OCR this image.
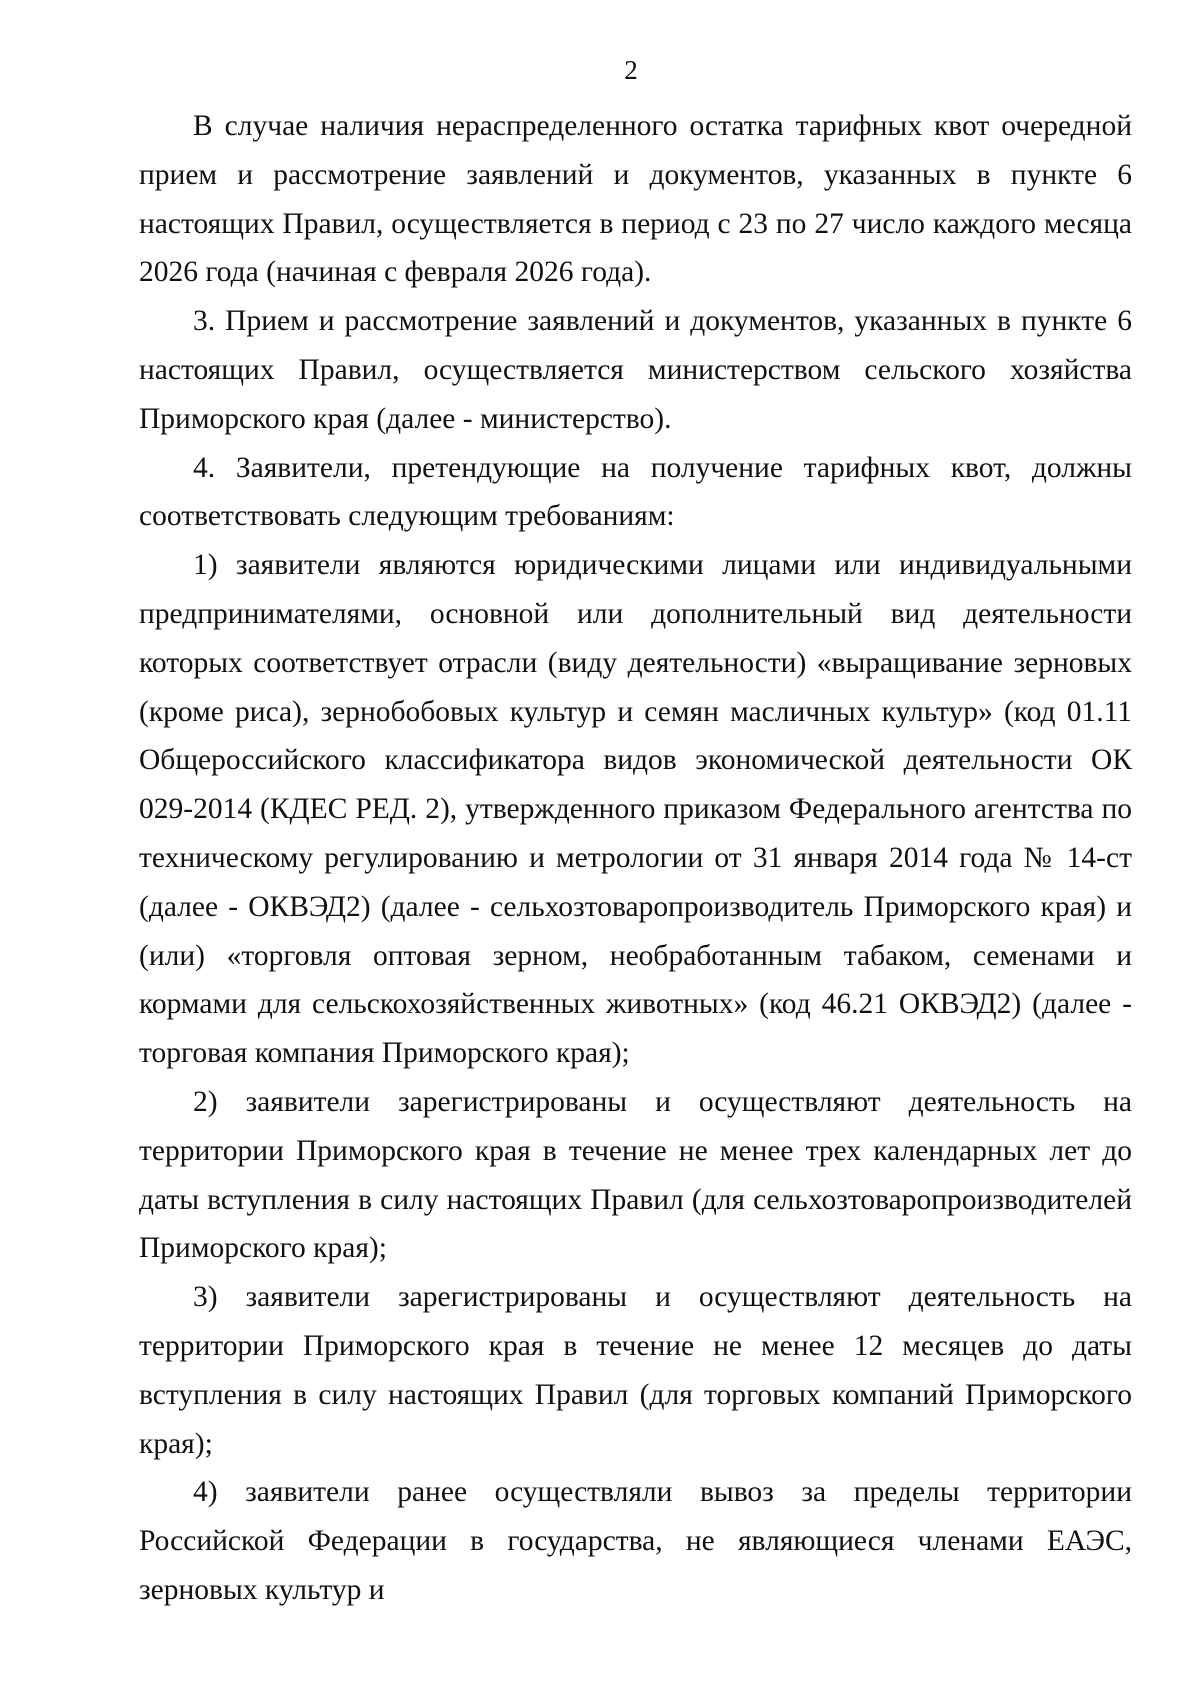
2

В случае наличия нераспределенного остатка тарифных квот очередной прием и рассмотрение заявлений и документов, указанных в пункте 6 настоящих Правил, осуществляется в период с 23 по 27 число каждого месяца 2026 года (начиная с февраля 2026 года).

3. Прием и рассмотрение заявлений и документов, указанных в пункте 6 настоящих Правил, осуществляется министерством сельского хозяйства Приморского края (далее - министерство).

4. Заявители, претендующие на получение тарифных квот, должны соответствовать следующим требованиям:

1) заявители являются юридическими лицами или индивидуальными предпринимателями, основной или дополнительный вид деятельности которых соответствует отрасли (виду деятельности) «выращивание зерновых (кроме риса), зернобобовых культур и семян масличных культур» (код 01.11 Общероссийского классификатора видов экономической деятельности ОК 029-2014 (КДЕС РЕД. 2), утвержденного приказом Федерального агентства по техническому регулированию и метрологии от 31 января 2014 года № 14-ст (далее - ОКВЭД2) (далее - сельхозтоваропроизводитель Приморского края) и (или) «торговля оптовая зерном, необработанным табаком, семенами и кормами для сельскохозяйственных животных» (код 46.21 ОКВЭД2) (далее - торговая компания Приморского края);

2) заявители зарегистрированы и осуществляют деятельность на территории Приморского края в течение не менее трех календарных лет до даты вступления в силу настоящих Правил (для сельхозтоваропроизводителей Приморского края);

3) заявители зарегистрированы и осуществляют деятельность на территории Приморского края в течение не менее 12 месяцев до даты вступления в силу настоящих Правил (для торговых компаний Приморского края);

4) заявители ранее осуществляли вывоз за пределы территории Российской Федерации в государства, не являющиеся членами ЕАЭС, зерновых культур и
